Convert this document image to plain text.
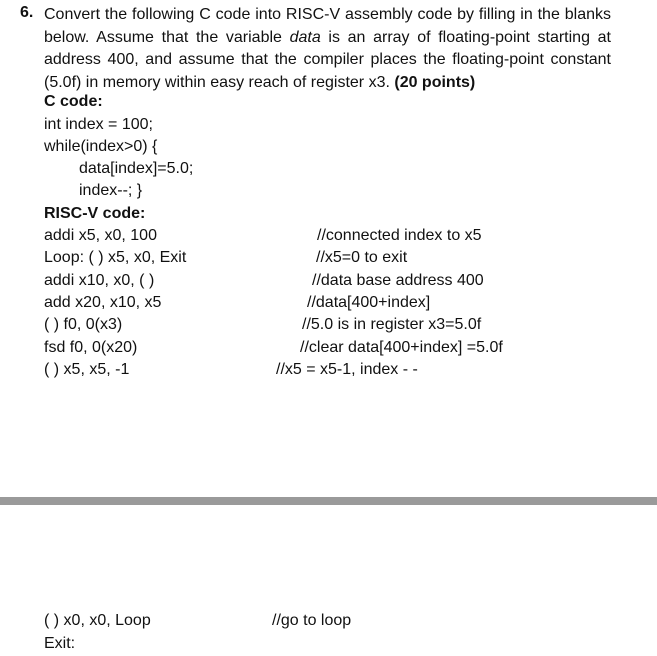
6. Convert the following C code into RISC-V assembly code by filling in the blanks below. Assume that the variable data is an array of floating-point starting at address 400, and assume that the compiler places the floating-point constant (5.0f) in memory within easy reach of register x3. (20 points)
C code:
int index = 100;
while(index>0) {
data[index]=5.0;
index--; }
RISC-V code:
addi x5, x0, 100	//connected index to x5
Loop: ( ) x5, x0, Exit	//x5=0 to exit
addi x10, x0, ( )	//data base address 400
add x20, x10, x5	//data[400+index]
( ) f0, 0(x3)	//5.0 is in register x3=5.0f
fsd f0, 0(x20)	//clear data[400+index] =5.0f
( ) x5, x5, -1	//x5 = x5-1, index - -
( ) x0, x0, Loop	//go to loop
Exit:
